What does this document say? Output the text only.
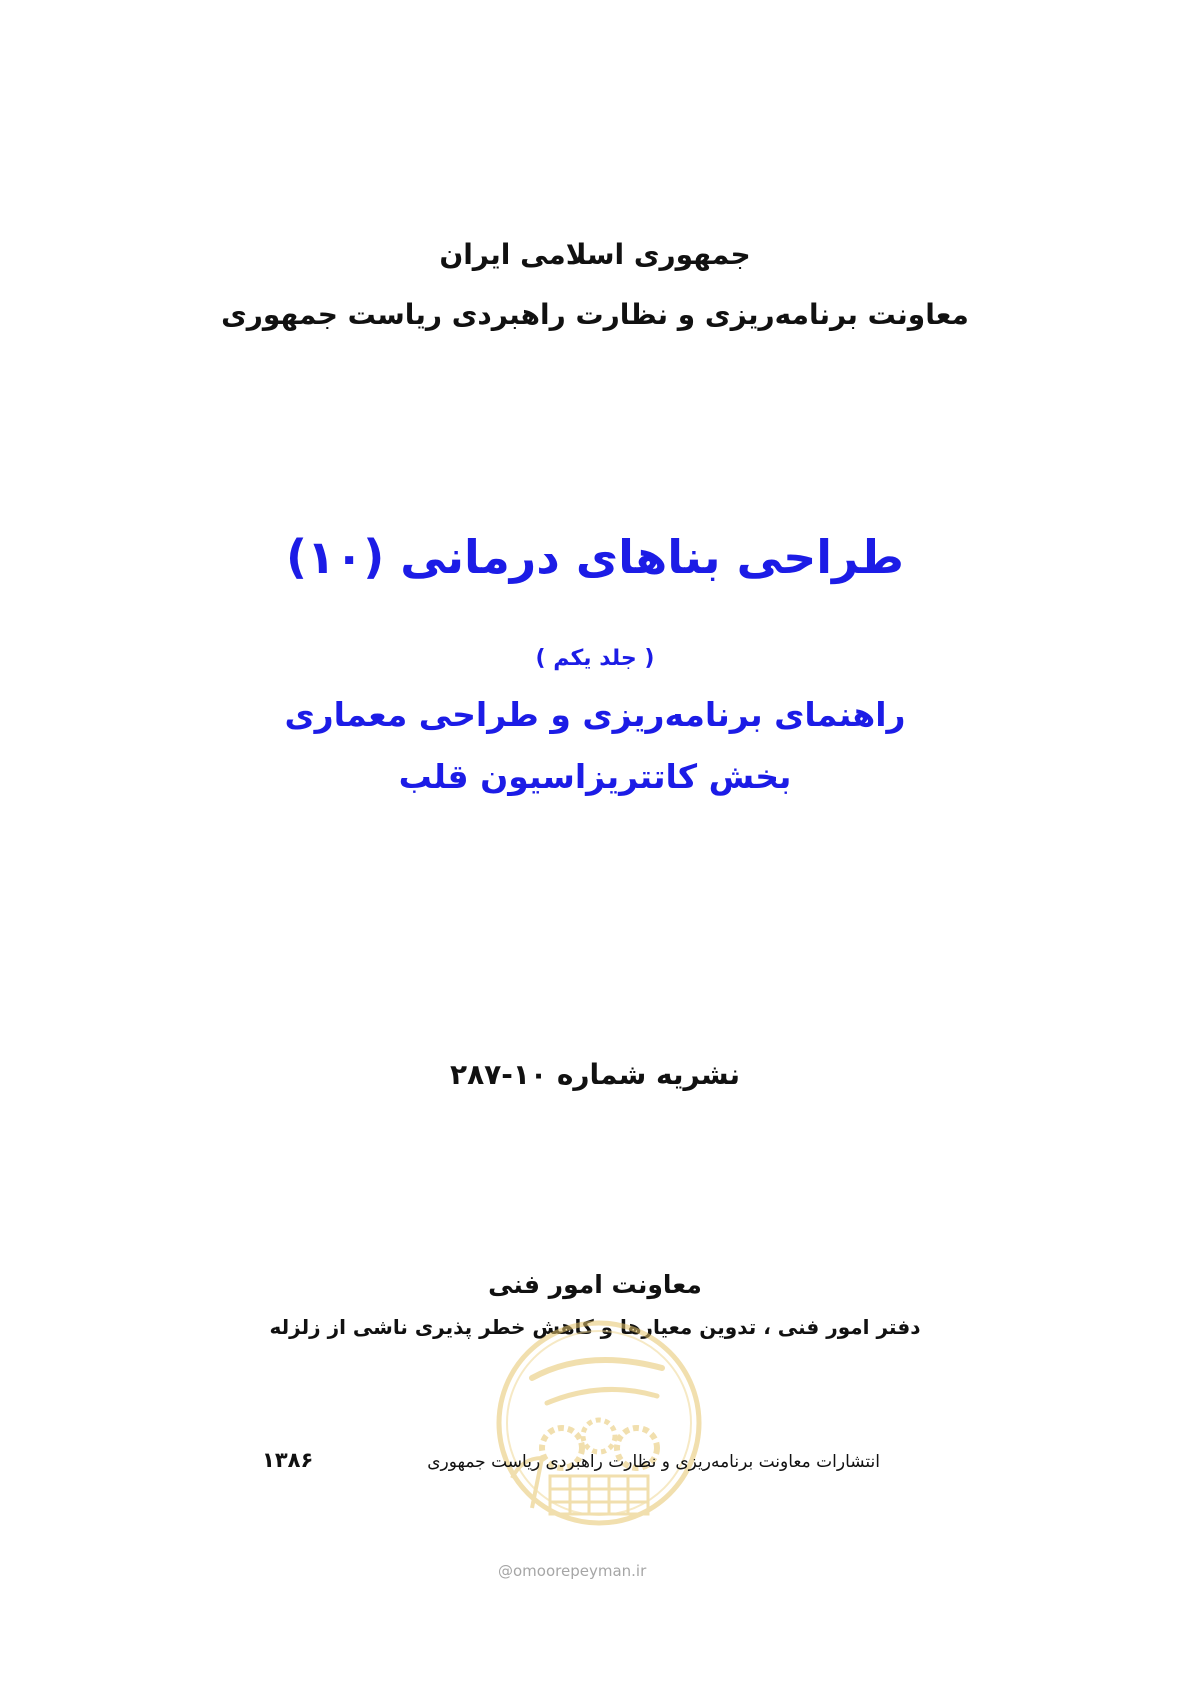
جمهوری اسلامی ایران
معاونت برنامه‌ریزی و نظارت راهبردی ریاست جمهوری
طراحی بناهای درمانی (۱۰)
( جلد یکم )
راهنمای برنامه‌ریزی و طراحی معماری
بخش کاتتریزاسیون قلب
نشریه شماره ۱۰-۲۸۷
معاونت امور فنی
دفتر امور فنی ، تدوین معیارها و کاهش خطر پذیری ناشی از زلزله
@omoorepeyman.ir
انتشارات معاونت برنامه‌ریزی و نظارت راهبردی ریاست جمهوری
۱۳۸۶
